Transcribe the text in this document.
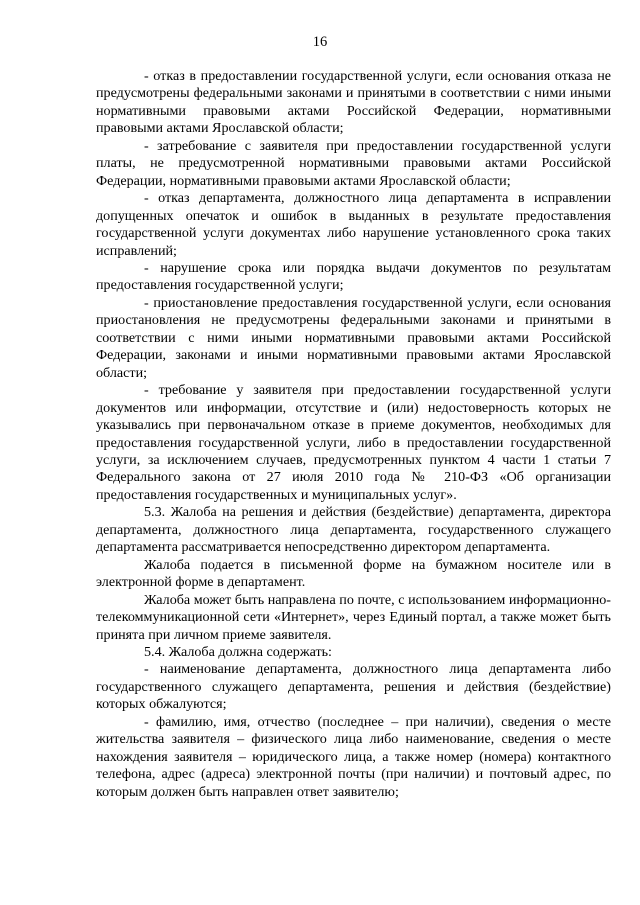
16

- отказ в предоставлении государственной услуги, если основания отказа не предусмотрены федеральными законами и принятыми в соответствии с ними иными нормативными правовыми актами Российской Федерации, нормативными правовыми актами Ярославской области;

- затребование с заявителя при предоставлении государственной услуги платы, не предусмотренной нормативными правовыми актами Российской Федерации, нормативными правовыми актами Ярославской области;

- отказ департамента, должностного лица департамента в исправлении допущенных опечаток и ошибок в выданных в результате предоставления государственной услуги документах либо нарушение установленного срока таких исправлений;

- нарушение срока или порядка выдачи документов по результатам предоставления государственной услуги;

- приостановление предоставления государственной услуги, если основания приостановления не предусмотрены федеральными законами и принятыми в соответствии с ними иными нормативными правовыми актами Российской Федерации, законами и иными нормативными правовыми актами Ярославской области;

- требование у заявителя при предоставлении государственной услуги документов или информации, отсутствие и (или) недостоверность которых не указывались при первоначальном отказе в приеме документов, необходимых для предоставления государственной услуги, либо в предоставлении государственной услуги, за исключением случаев, предусмотренных пунктом 4 части 1 статьи 7 Федерального закона от 27 июля 2010 года № 210-ФЗ «Об организации предоставления государственных и муниципальных услуг».

5.3. Жалоба на решения и действия (бездействие) департамента, директора департамента, должностного лица департамента, государственного служащего департамента рассматривается непосредственно директором департамента.

Жалоба подается в письменной форме на бумажном носителе или в электронной форме в департамент.

Жалоба может быть направлена по почте, с использованием информационно-телекоммуникационной сети «Интернет», через Единый портал, а также может быть принята при личном приеме заявителя.

5.4. Жалоба должна содержать:

- наименование департамента, должностного лица департамента либо государственного служащего департамента, решения и действия (бездействие) которых обжалуются;

- фамилию, имя, отчество (последнее – при наличии), сведения о месте жительства заявителя – физического лица либо наименование, сведения о месте нахождения заявителя – юридического лица, а также номер (номера) контактного телефона, адрес (адреса) электронной почты (при наличии) и почтовый адрес, по которым должен быть направлен ответ заявителю;
